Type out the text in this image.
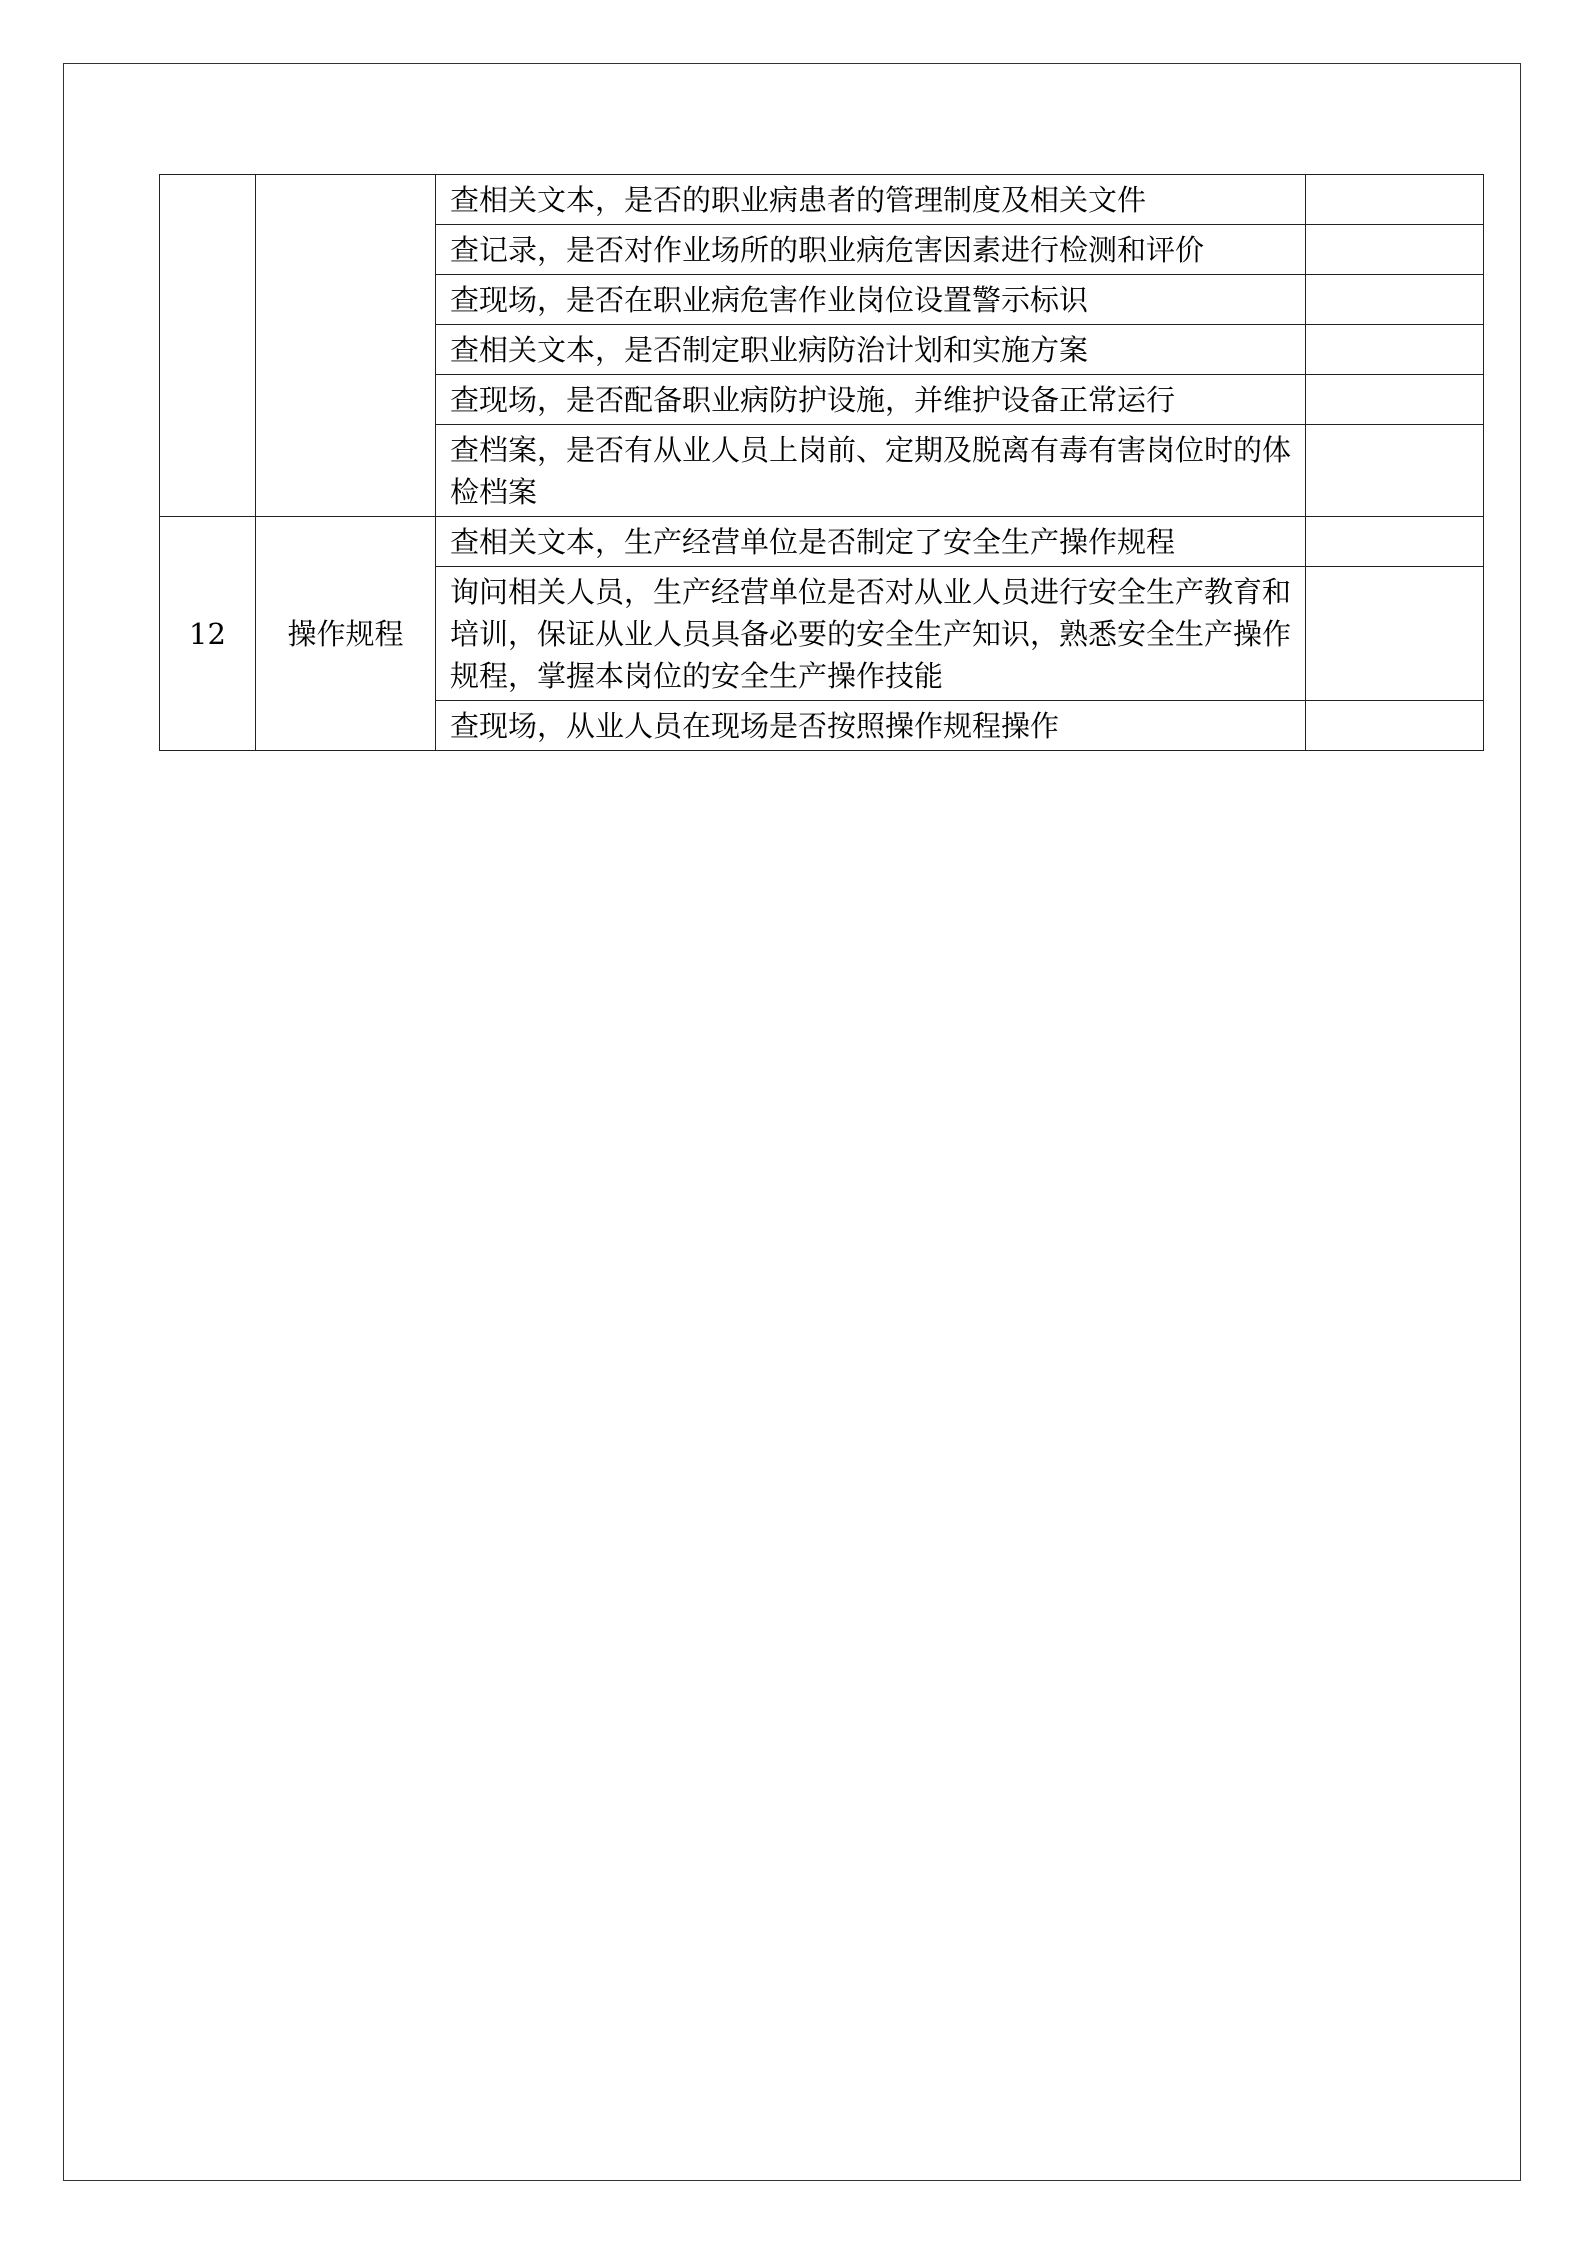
		查相关文本，是否的职业病患者的管理制度及相关文件	
		查记录，是否对作业场所的职业病危害因素进行检测和评价	
		查现场，是否在职业病危害作业岗位设置警示标识	
		查相关文本，是否制定职业病防治计划和实施方案	
		查现场，是否配备职业病防护设施，并维护设备正常运行	
		查档案，是否有从业人员上岗前、定期及脱离有毒有害岗位时的体检档案	
12	操作规程	查相关文本，生产经营单位是否制定了安全生产操作规程	
		询问相关人员，生产经营单位是否对从业人员进行安全生产教育和培训，保证从业人员具备必要的安全生产知识，熟悉安全生产操作规程，掌握本岗位的安全生产操作技能	
		查现场，从业人员在现场是否按照操作规程操作	
